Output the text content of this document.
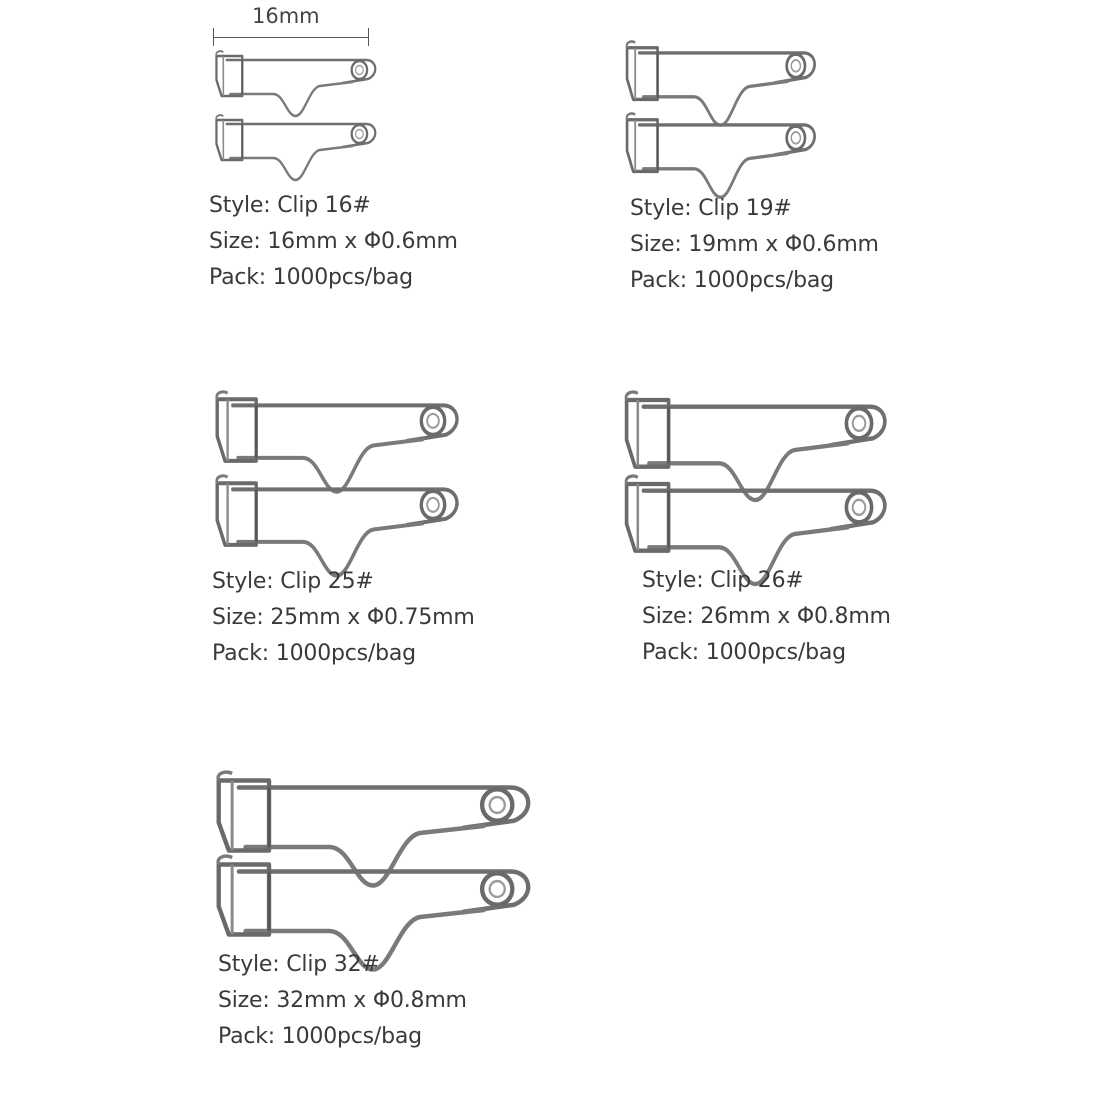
16mm
Style: Clip 16#
Size: 16mm x Φ0.6mm
Pack: 1000pcs/bag
Style: Clip 19#
Size: 19mm x Φ0.6mm
Pack: 1000pcs/bag
Style: Clip 25#
Size: 25mm x Φ0.75mm
Pack: 1000pcs/bag
Style: Clip 26#
Size: 26mm x Φ0.8mm
Pack: 1000pcs/bag
Style: Clip 32#
Size: 32mm x Φ0.8mm
Pack: 1000pcs/bag
